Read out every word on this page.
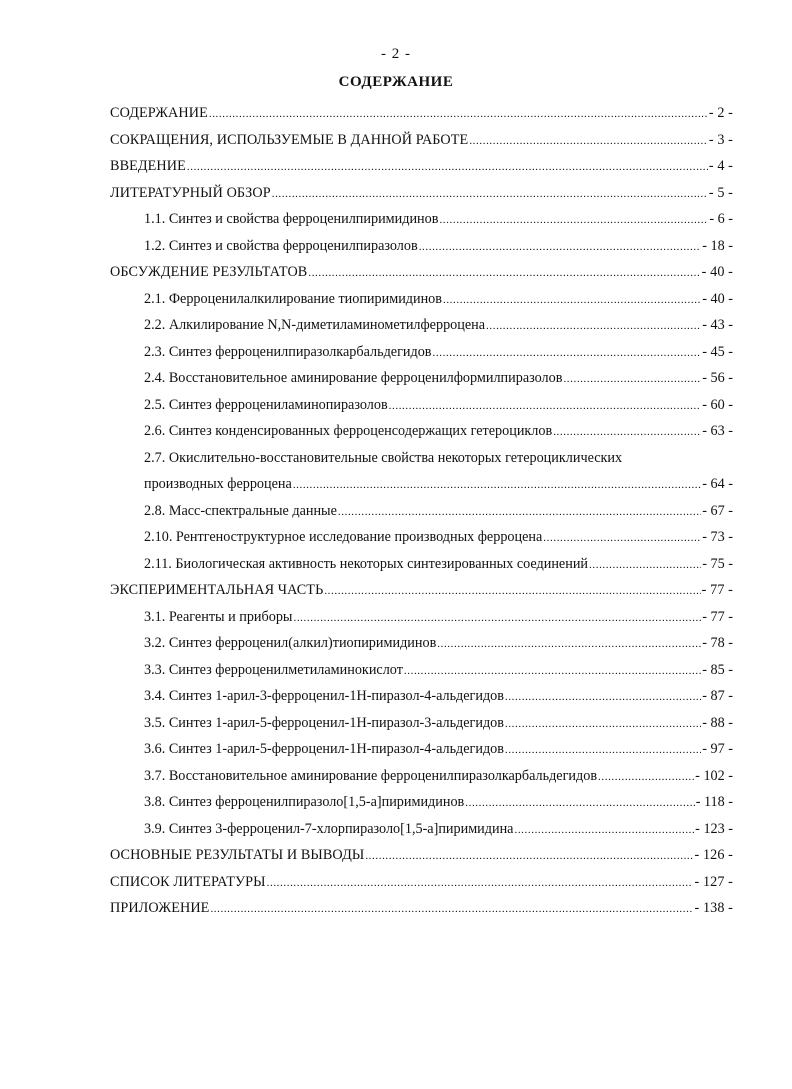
- 2 -
СОДЕРЖАНИЕ
СОДЕРЖАНИЕ .....	- 2 -
СОКРАЩЕНИЯ, ИСПОЛЬЗУЕМЫЕ В ДАННОЙ РАБОТЕ .....	- 3 -
ВВЕДЕНИЕ .....	- 4 -
ЛИТЕРАТУРНЫЙ ОБЗОР .....	- 5 -
1.1. Синтез и свойства ферроценилпиримидинов .....	- 6 -
1.2. Синтез и свойства ферроценилпиразолов .....	- 18 -
ОБСУЖДЕНИЕ РЕЗУЛЬТАТОВ .....	- 40 -
2.1. Ферроценилалкилирование тиопиримидинов .....	- 40 -
2.2. Алкилирование N,N-диметиламинометилферроцена .....	- 43 -
2.3. Синтез ферроценилпиразолкарбальдегидов .....	- 45 -
2.4. Восстановительное аминирование ферроценилформилпиразолов .....	- 56 -
2.5. Синтез ферроцениламинопиразолов .....	- 60 -
2.6. Синтез конденсированных ферроценсодержащих гетероциклов .....	- 63 -
2.7. Окислительно-восстановительные свойства некоторых гетероциклических
производных ферроцена .....	- 64 -
2.8. Масс-спектральные данные .....	- 67 -
2.10. Рентгеноструктурное исследование производных ферроцена .....	- 73 -
2.11. Биологическая активность некоторых синтезированных соединений .....	- 75 -
ЭКСПЕРИМЕНТАЛЬНАЯ ЧАСТЬ .....	- 77 -
3.1. Реагенты и приборы .....	- 77 -
3.2. Синтез ферроценил(алкил)тиопиримидинов .....	- 78 -
3.3. Синтез ферроценилметиламинокислот .....	- 85 -
3.4. Синтез 1-арил-3-ферроценил-1Н-пиразол-4-альдегидов .....	- 87 -
3.5. Синтез 1-арил-5-ферроценил-1Н-пиразол-3-альдегидов .....	- 88 -
3.6. Синтез 1-арил-5-ферроценил-1Н-пиразол-4-альдегидов .....	- 97 -
3.7. Восстановительное аминирование ферроценилпиразолкарбальдегидов .....	- 102 -
3.8. Синтез ферроценилпиразоло[1,5-а]пиримидинов .....	- 118 -
3.9. Синтез 3-ферроценил-7-хлорпиразоло[1,5-а]пиримидина .....	- 123 -
ОСНОВНЫЕ РЕЗУЛЬТАТЫ И ВЫВОДЫ .....	- 126 -
СПИСОК ЛИТЕРАТУРЫ .....	- 127 -
ПРИЛОЖЕНИЕ .....	- 138 -
